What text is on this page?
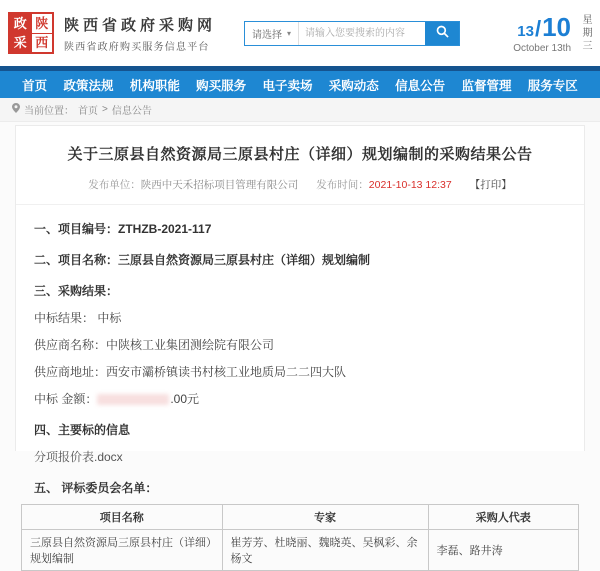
政 陕
采 西
陕西省政府采购网
陕西省政府购买服务信息平台
请选择 ▾
请输入您要搜索的内容	13 / 10
October 13th 星期三
首页 政策法规 机构职能 购买服务 电子卖场 采购动态 信息公告 监督管理 服务专区
当前位置： 首页 > 信息公告
关于三原县自然资源局三原县村庄（详细）规划编制的采购结果公告
发布单位：陕西中天禾招标项目管理有限公司 发布时间：2021-10-13 12:37 【打印】
一、项目编号：ZTHZB-2021-117
二、项目名称：三原县自然资源局三原县村庄（详细）规划编制
三、采购结果：
中标结果： 中标
供应商名称：中陕核工业集团测绘院有限公司
供应商地址：西安市灞桥镇读书村核工业地质局二二四大队
中标 金额：	.00元
四、主要标的信息
分项报价表.docx
五、 评标委员会名单：
项目名称	专家	采购人代表
三原县自然资源局三原县村庄（详细）规划编制	崔芳芳、杜晓丽、魏晓英、吴枫彩、余杨文	李磊、路井涛
